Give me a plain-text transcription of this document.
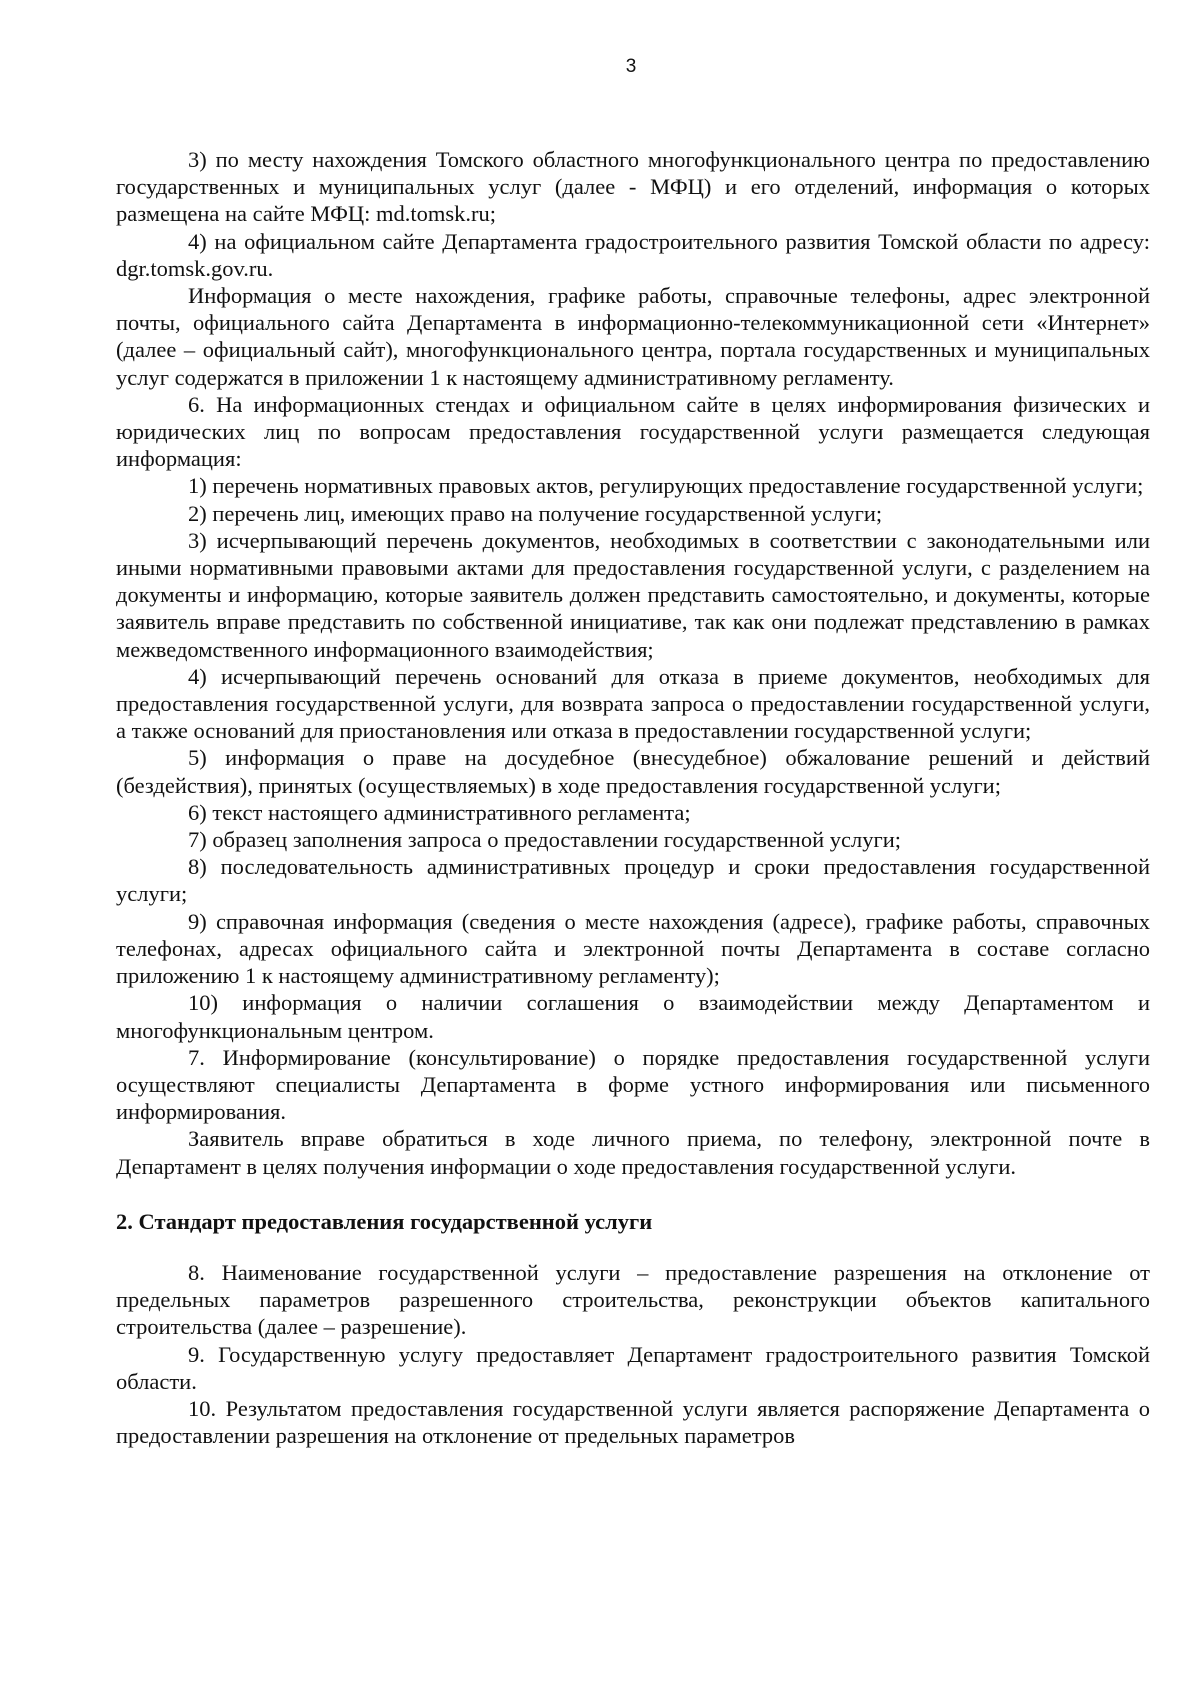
3

3) по месту нахождения Томского областного многофункционального центра по предоставлению государственных и муниципальных услуг (далее - МФЦ) и его отделений, информация о которых размещена на сайте МФЦ: md.tomsk.ru;

4) на официальном сайте Департамента градостроительного развития Томской области по адресу: dgr.tomsk.gov.ru.

Информация о месте нахождения, графике работы, справочные телефоны, адрес электронной почты, официального сайта Департамента в информационно-телекоммуникационной сети «Интернет» (далее – официальный сайт), многофункционального центра, портала государственных и муниципальных услуг содержатся в приложении 1 к настоящему административному регламенту.

6. На информационных стендах и официальном сайте в целях информирования физических и юридических лиц по вопросам предоставления государственной услуги размещается следующая информация:

1) перечень нормативных правовых актов, регулирующих предоставление государственной услуги;

2) перечень лиц, имеющих право на получение государственной услуги;

3) исчерпывающий перечень документов, необходимых в соответствии с законодательными или иными нормативными правовыми актами для предоставления государственной услуги, с разделением на документы и информацию, которые заявитель должен представить самостоятельно, и документы, которые заявитель вправе представить по собственной инициативе, так как они подлежат представлению в рамках межведомственного информационного взаимодействия;

4) исчерпывающий перечень оснований для отказа в приеме документов, необходимых для предоставления государственной услуги, для возврата запроса о предоставлении государственной услуги, а также оснований для приостановления или отказа в предоставлении государственной услуги;

5) информация о праве на досудебное (внесудебное) обжалование решений и действий (бездействия), принятых (осуществляемых) в ходе предоставления государственной услуги;

6) текст настоящего административного регламента;

7) образец заполнения запроса о предоставлении государственной услуги;

8) последовательность административных процедур и сроки предоставления государственной услуги;

9) справочная информация (сведения о месте нахождения (адресе), графике работы, справочных телефонах, адресах официального сайта и электронной почты Департамента в составе согласно приложению 1 к настоящему административному регламенту);

10) информация о наличии соглашения о взаимодействии между Департаментом и многофункциональным центром.

7. Информирование (консультирование) о порядке предоставления государственной услуги осуществляют специалисты Департамента в форме устного информирования или письменного информирования.

Заявитель вправе обратиться в ходе личного приема, по телефону, электронной почте в Департамент в целях получения информации о ходе предоставления государственной услуги.

2. Стандарт предоставления государственной услуги

8. Наименование государственной услуги – предоставление разрешения на отклонение от предельных параметров разрешенного строительства, реконструкции объектов капитального строительства (далее – разрешение).

9. Государственную услугу предоставляет Департамент градостроительного развития Томской области.

10. Результатом предоставления государственной услуги является распоряжение Департамента о предоставлении разрешения на отклонение от предельных параметров
